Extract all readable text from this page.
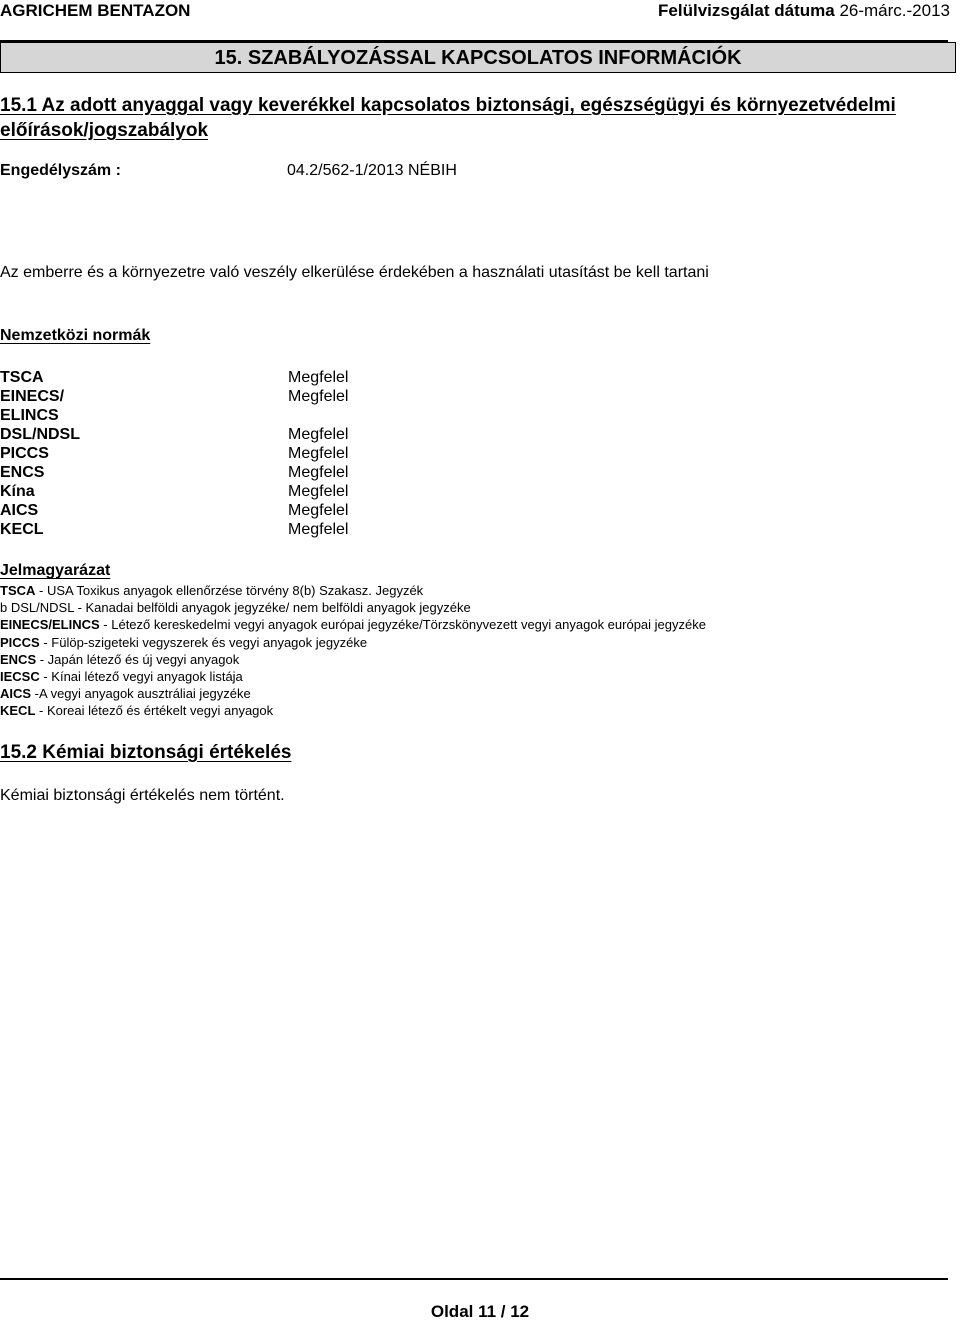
AGRICHEM BENTAZON	Felülvizsgálat dátuma 26-márc.-2013
15. SZABÁLYOZÁSSAL KAPCSOLATOS INFORMÁCIÓK
15.1 Az adott anyaggal vagy keverékkel kapcsolatos biztonsági, egészségügyi és környezetvédelmi előírások/jogszabályok
Engedélyszám :	04.2/562-1/2013 NÉBIH
Az emberre és a környezetre való veszély elkerülése érdekében a használati utasítást be kell tartani
Nemzetközi normák
TSCA
EINECS/
ELINCS
DSL/NDSL
PICCS
ENCS
Kína
AICS
KECL
Megfelel
Megfelel
Megfelel
Megfelel
Megfelel
Megfelel
Megfelel
Megfelel
Jelmagyarázat
TSCA - USA Toxikus anyagok ellenőrzése törvény 8(b) Szakasz. Jegyzék
b DSL/NDSL - Kanadai belföldi anyagok jegyzéke/ nem belföldi anyagok jegyzéke
EINECS/ELINCS - Létező kereskedelmi vegyi anyagok európai jegyzéke/Törzskönyvezett vegyi anyagok európai jegyzéke
PICCS - Fülöp-szigeteki vegyszerek és vegyi anyagok jegyzéke
ENCS - Japán létező és új vegyi anyagok
IECSC - Kínai létező vegyi anyagok listája
AICS -A vegyi anyagok ausztráliai jegyzéke
KECL - Koreai létező és értékelt vegyi anyagok
15.2 Kémiai biztonsági értékelés
Kémiai biztonsági értékelés nem történt.
Oldal 11 / 12
